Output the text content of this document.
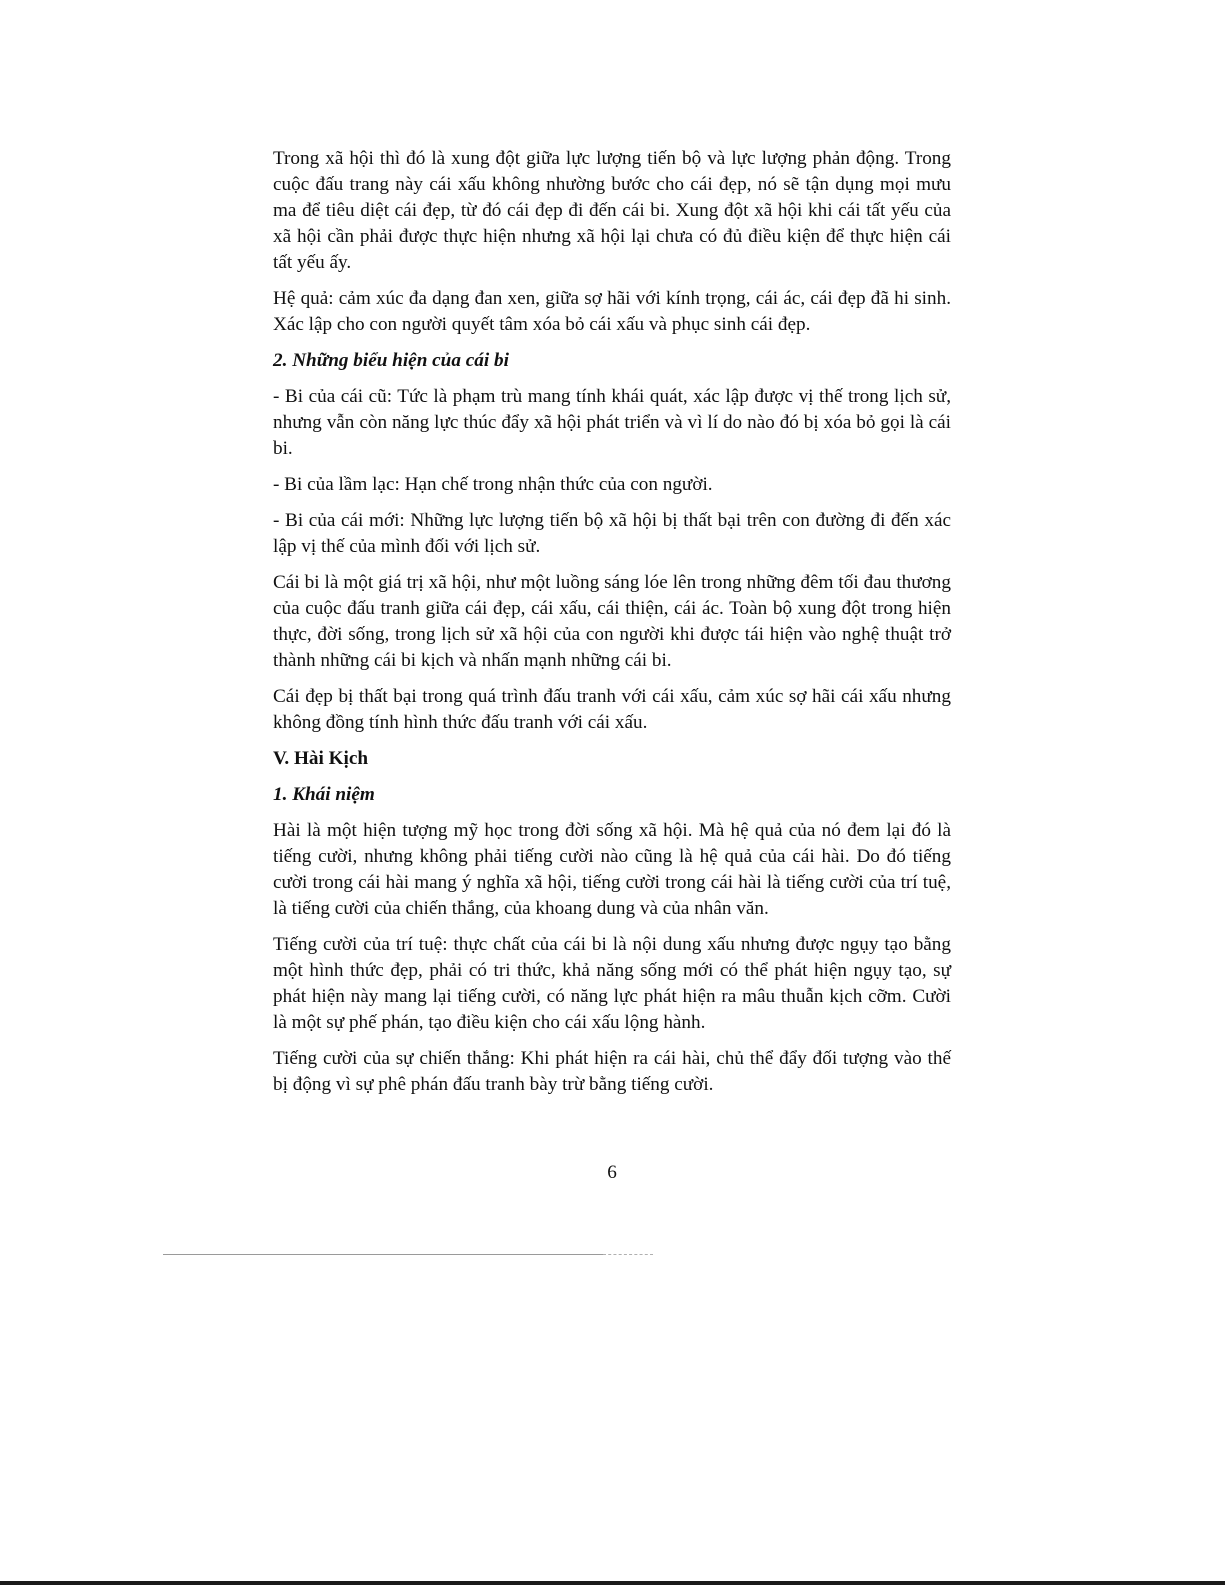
Trong xã hội thì đó là xung đột giữa lực lượng tiến bộ và lực lượng phản động. Trong cuộc đấu trang này cái xấu không nhường bước cho cái đẹp, nó sẽ tận dụng mọi mưu ma để tiêu diệt cái đẹp, từ đó cái đẹp đi đến cái bi. Xung đột xã hội khi cái tất yếu của xã hội cần phải được thực hiện nhưng xã hội lại chưa có đủ điều kiện để thực hiện cái tất yếu ấy.

Hệ quả: cảm xúc đa dạng đan xen, giữa sợ hãi với kính trọng, cái ác, cái đẹp đã hi sinh. Xác lập cho con người quyết tâm xóa bỏ cái xấu và phục sinh cái đẹp.

2. Những biểu hiện của cái bi

- Bi của cái cũ: Tức là phạm trù mang tính khái quát, xác lập được vị thế trong lịch sử, nhưng vẫn còn năng lực thúc đẩy xã hội phát triển và vì lí do nào đó bị xóa bỏ gọi là cái bi.

- Bi của lầm lạc: Hạn chế trong nhận thức của con người.

- Bi của cái mới: Những lực lượng tiến bộ xã hội bị thất bại trên con đường đi đến xác lập vị thế của mình đối với lịch sử.

Cái bi là một giá trị xã hội, như một luồng sáng lóe lên trong những đêm tối đau thương của cuộc đấu tranh giữa cái đẹp, cái xấu, cái thiện, cái ác. Toàn bộ xung đột trong hiện thực, đời sống, trong lịch sử xã hội của con người khi được tái hiện vào nghệ thuật trở thành những cái bi kịch và nhấn mạnh những cái bi.

Cái đẹp bị thất bại trong quá trình đấu tranh với cái xấu, cảm xúc sợ hãi cái xấu nhưng không đồng tính hình thức đấu tranh với cái xấu.

V. Hài Kịch

1. Khái niệm

Hài là một hiện tượng mỹ học trong đời sống xã hội. Mà hệ quả của nó đem lại đó là tiếng cười, nhưng không phải tiếng cười nào cũng là hệ quả của cái hài. Do đó tiếng cười trong cái hài mang ý nghĩa xã hội, tiếng cười trong cái hài là tiếng cười của trí tuệ, là tiếng cười của chiến thắng, của khoang dung và của nhân văn.

Tiếng cười của trí tuệ: thực chất của cái bi là nội dung xấu nhưng được ngụy tạo bằng một hình thức đẹp, phải có tri thức, khả năng sống mới có thể phát hiện ngụy tạo, sự phát hiện này mang lại tiếng cười, có năng lực phát hiện ra mâu thuẫn kịch cỡm. Cười là một sự phế phán, tạo điều kiện cho cái xấu lộng hành.

Tiếng cười của sự chiến thắng: Khi phát hiện ra cái hài, chủ thể đẩy đối tượng vào thế bị động vì sự phê phán đấu tranh bày trừ bằng tiếng cười.

6
